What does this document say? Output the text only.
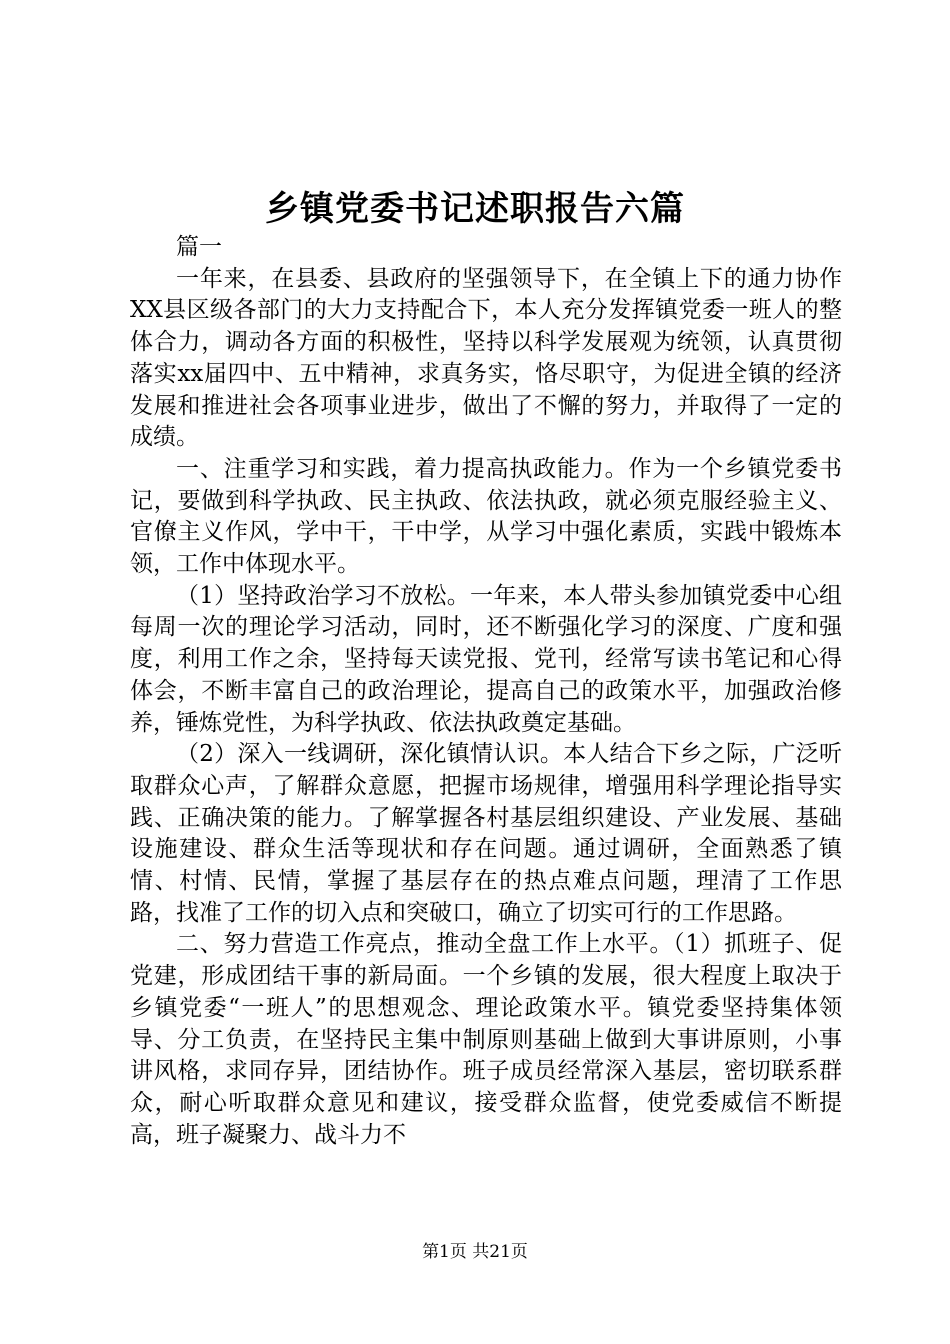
乡镇党委书记述职报告六篇

篇一

一年来，在县委、县政府的坚强领导下，在全镇上下的通力协作XX县区级各部门的大力支持配合下，本人充分发挥镇党委一班人的整体合力，调动各方面的积极性，坚持以科学发展观为统领，认真贯彻落实xx届四中、五中精神，求真务实，恪尽职守，为促进全镇的经济发展和推进社会各项事业进步，做出了不懈的努力，并取得了一定的成绩。

一、注重学习和实践，着力提高执政能力。作为一个乡镇党委书记，要做到科学执政、民主执政、依法执政，就必须克服经验主义、官僚主义作风，学中干，干中学，从学习中强化素质，实践中锻炼本领，工作中体现水平。

（1）坚持政治学习不放松。一年来，本人带头参加镇党委中心组每周一次的理论学习活动，同时，还不断强化学习的深度、广度和强度，利用工作之余，坚持每天读党报、党刊，经常写读书笔记和心得体会，不断丰富自己的政治理论，提高自己的政策水平，加强政治修养，锤炼党性，为科学执政、依法执政奠定基础。

（2）深入一线调研，深化镇情认识。本人结合下乡之际，广泛听取群众心声，了解群众意愿，把握市场规律，增强用科学理论指导实践、正确决策的能力。了解掌握各村基层组织建设、产业发展、基础设施建设、群众生活等现状和存在问题。通过调研，全面熟悉了镇情、村情、民情，掌握了基层存在的热点难点问题，理清了工作思路，找准了工作的切入点和突破口，确立了切实可行的工作思路。

二、努力营造工作亮点，推动全盘工作上水平。（1）抓班子、促党建，形成团结干事的新局面。一个乡镇的发展，很大程度上取决于乡镇党委“一班人”的思想观念、理论政策水平。镇党委坚持集体领导、分工负责，在坚持民主集中制原则基础上做到大事讲原则，小事讲风格，求同存异，团结协作。班子成员经常深入基层，密切联系群众，耐心听取群众意见和建议，接受群众监督，使党委威信不断提高，班子凝聚力、战斗力不

第1页 共21页
